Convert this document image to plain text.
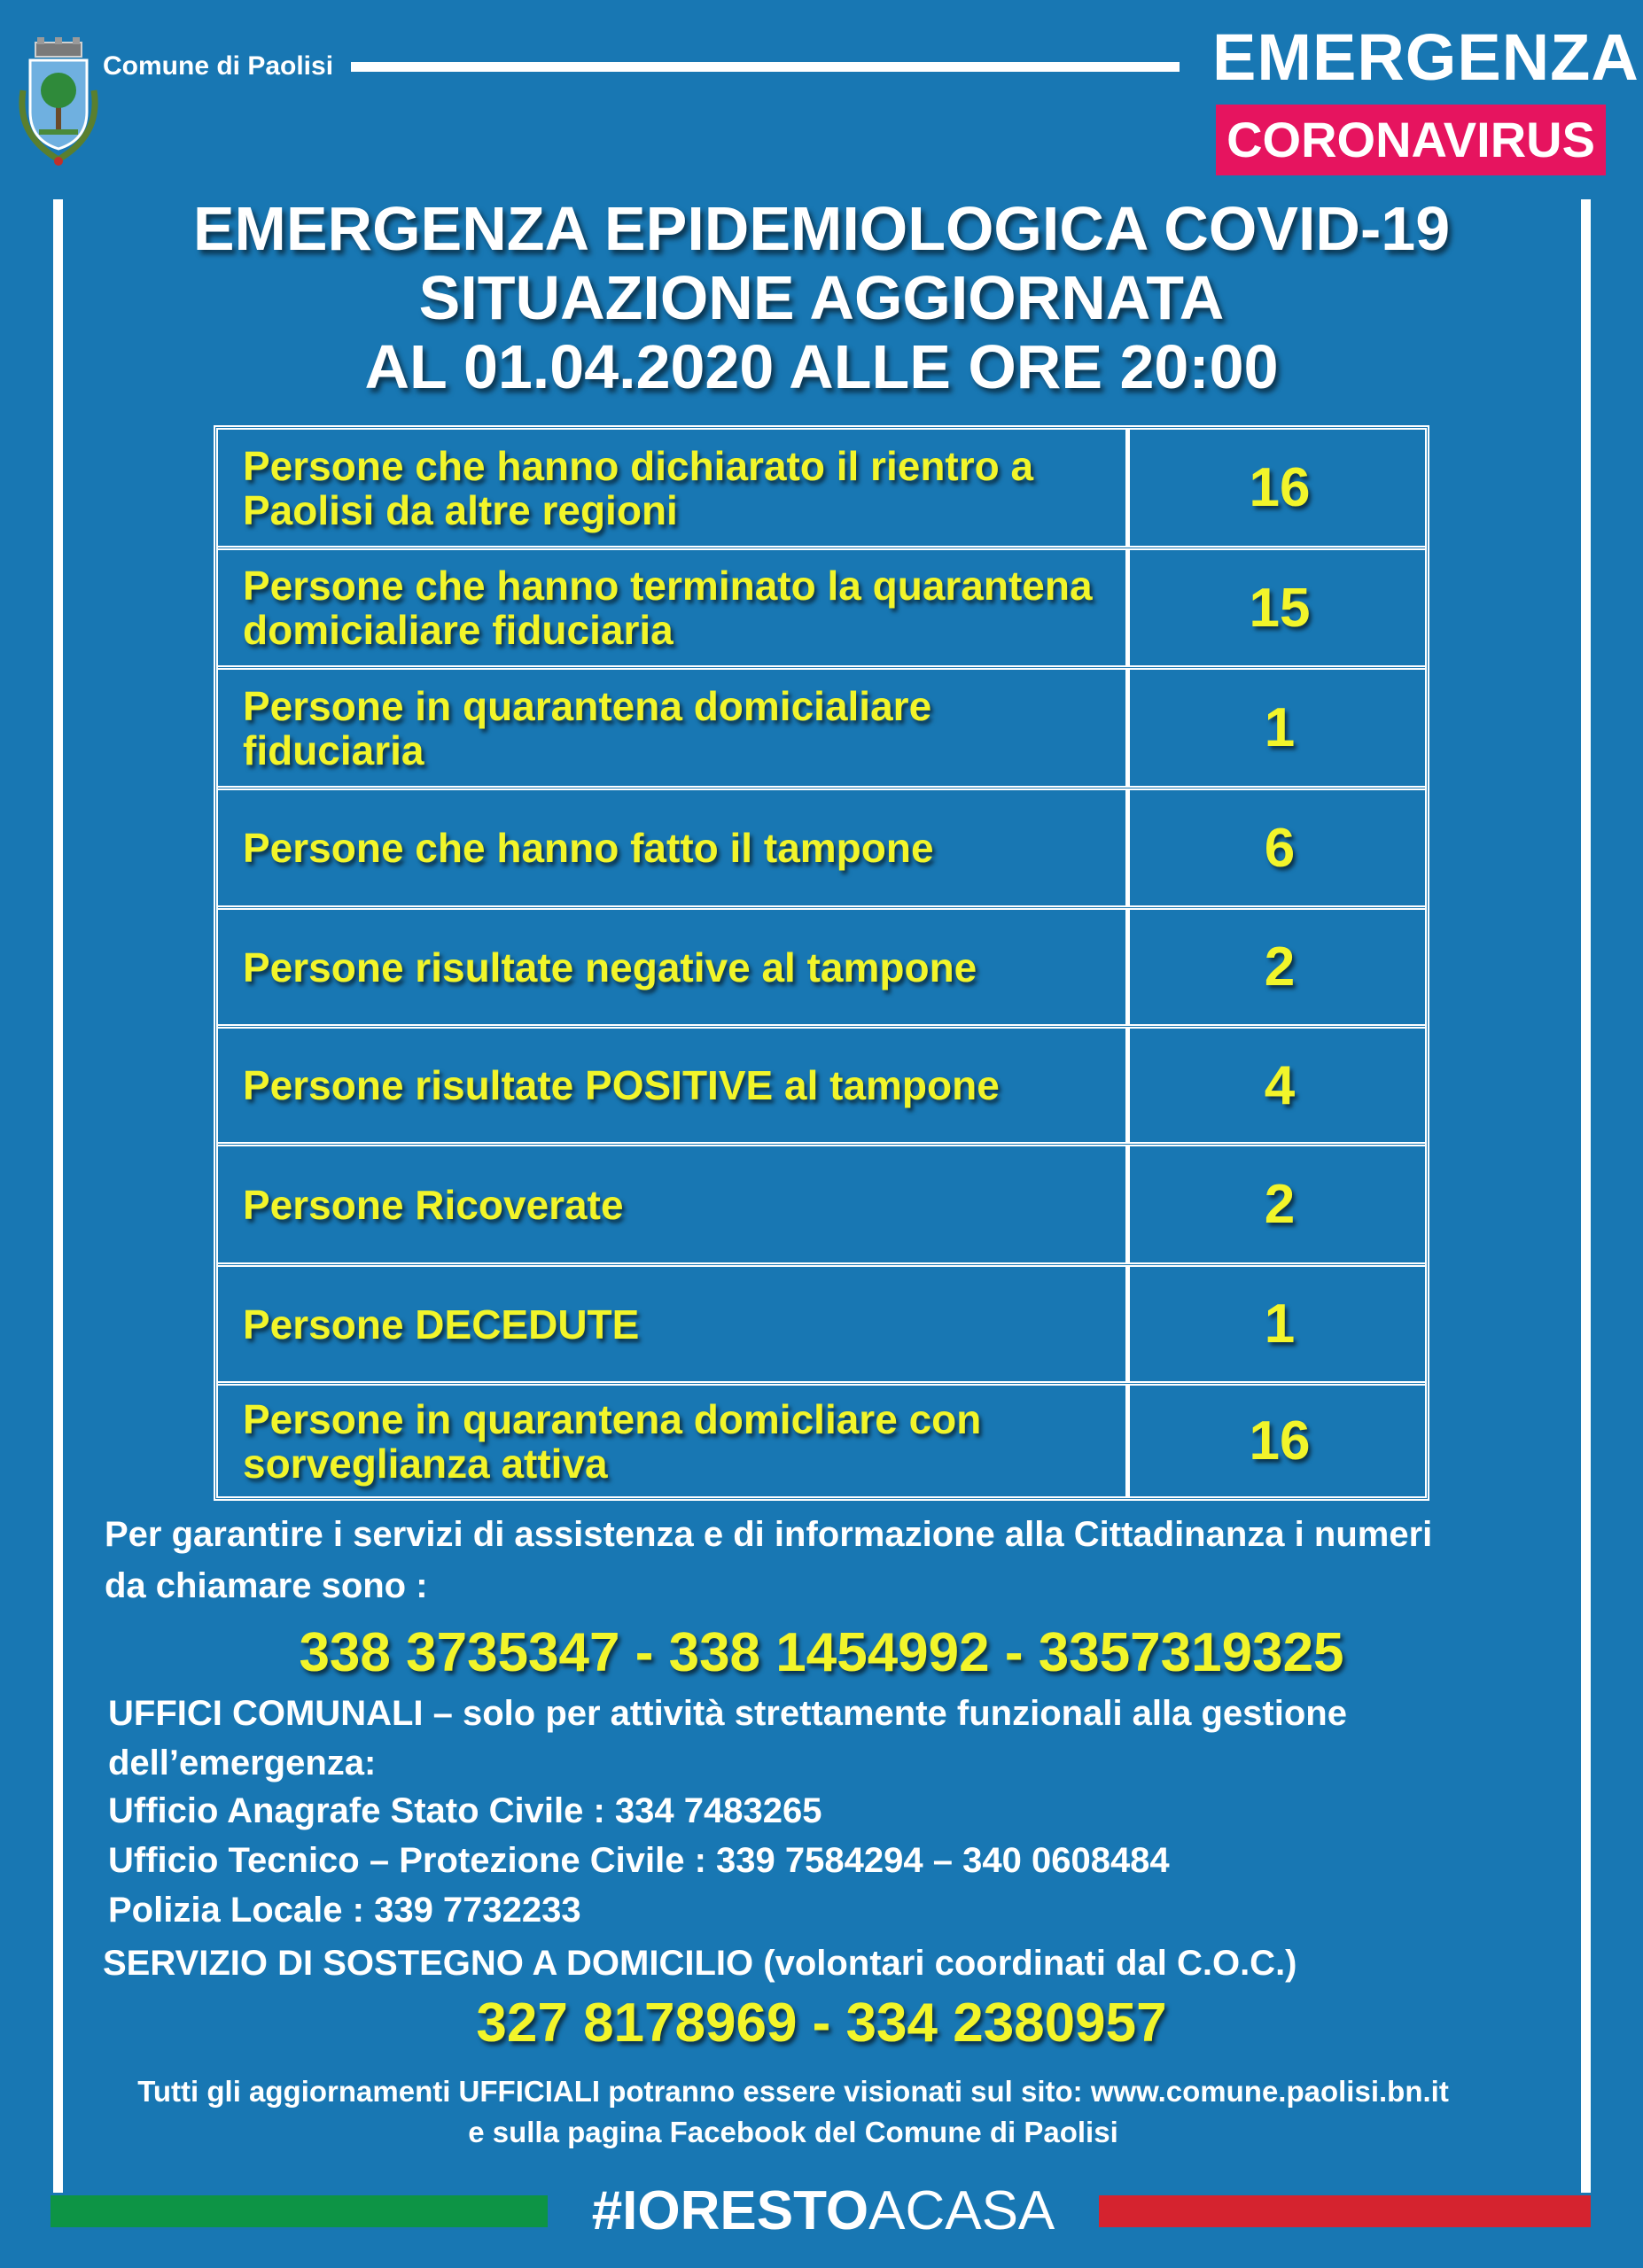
Comune di Paolisi	EMERGENZA
CORONAVIRUS
EMERGENZA EPIDEMIOLOGICA COVID-19
SITUAZIONE AGGIORNATA
AL 01.04.2020 ALLE ORE 20:00
Persone che hanno dichiarato il rientro a Paolisi da altre regioni	16
Persone che hanno terminato la quarantena domicialiare fiduciaria	15
Persone in quarantena domicialiare fiduciaria	1
Persone che hanno fatto il tampone	6
Persone risultate negative al tampone	2
Persone risultate POSITIVE al tampone	4
Persone Ricoverate	2
Persone DECEDUTE	1
Persone in quarantena domicliare con sorveglianza attiva	16
Per garantire i servizi di assistenza e di informazione alla Cittadinanza i numeri
da chiamare sono :
338 3735347 - 338 1454992 - 3357319325
UFFICI COMUNALI – solo per attività strettamente funzionali alla gestione
dell’emergenza:
Ufficio Anagrafe Stato Civile : 334 7483265
Ufficio Tecnico – Protezione Civile : 339 7584294 – 340 0608484
Polizia Locale : 339 7732233
SERVIZIO DI SOSTEGNO A DOMICILIO (volontari coordinati dal C.O.C.)
327 8178969 - 334 2380957
Tutti gli aggiornamenti UFFICIALI potranno essere visionati sul sito: www.comune.paolisi.bn.it
e sulla pagina Facebook del Comune di Paolisi
#IORESTOACASA
